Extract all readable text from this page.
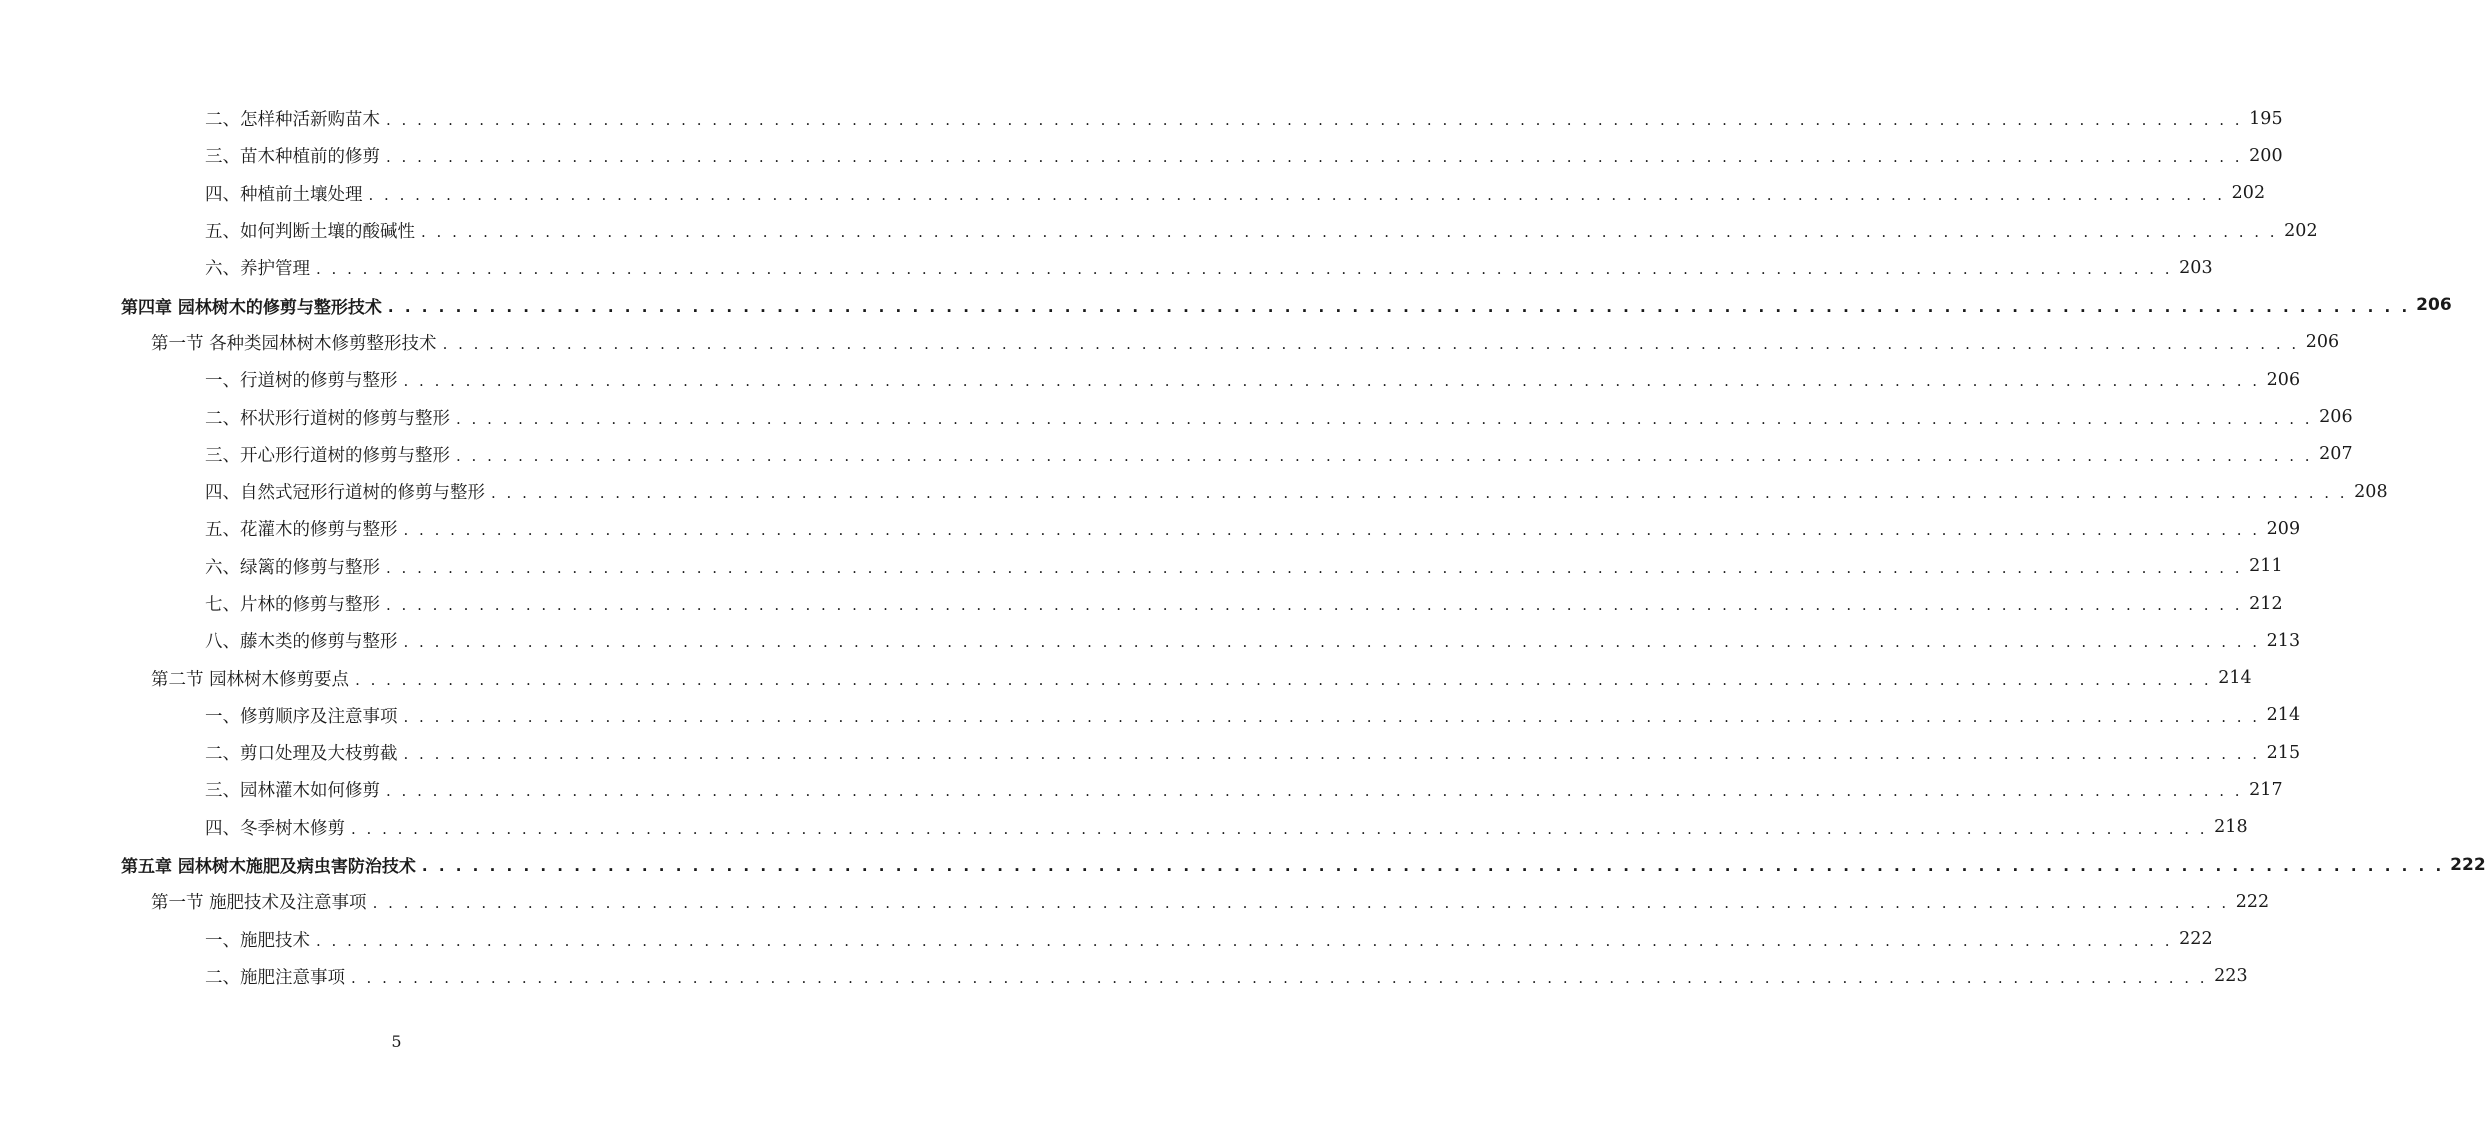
二、怎样种活新购苗木 . . . . . . . . . . . . . . . . . . . . . . . . . . . . . . . . . . . . . . . . . . . . . . . . . . . . . . . . . . . . . . . . . . . . . . . . . . . . . . . . . . . . . . . . . . . . . . . . . . . . . . . . . . . . . . . . . . . . . . . . 195
三、苗木种植前的修剪 . . . . . . . . . . . . . . . . . . . . . . . . . . . . . . . . . . . . . . . . . . . . . . . . . . . . . . . . . . . . . . . . . . . . . . . . . . . . . . . . . . . . . . . . . . . . . . . . . . . . . . . . . . . . . . . . . . . . . . . . 200
四、种植前土壤处理 . . . . . . . . . . . . . . . . . . . . . . . . . . . . . . . . . . . . . . . . . . . . . . . . . . . . . . . . . . . . . . . . . . . . . . . . . . . . . . . . . . . . . . . . . . . . . . . . . . . . . . . . . . . . . . . . . . . . . . . . 202
五、如何判断土壤的酸碱性 . . . . . . . . . . . . . . . . . . . . . . . . . . . . . . . . . . . . . . . . . . . . . . . . . . . . . . . . . . . . . . . . . . . . . . . . . . . . . . . . . . . . . . . . . . . . . . . . . . . . . . . . . . . . . . . . . . . . . . . . 202
六、养护管理 . . . . . . . . . . . . . . . . . . . . . . . . . . . . . . . . . . . . . . . . . . . . . . . . . . . . . . . . . . . . . . . . . . . . . . . . . . . . . . . . . . . . . . . . . . . . . . . . . . . . . . . . . . . . . . . . . . . . . . . . 203
第四章 园林树木的修剪与整形技术 . . . . . . . . . . . . . . . . . . . . . . . . . . . . . . . . . . . . . . . . . . . . . . . . . . . . . . . . . . . . . . . . . . . . . . . . . . . . . . . . . . . . . . . . . . . . . . . . . . . . . . . . . . . . . . . . . . . . . . . . 206
第一节 各种类园林树木修剪整形技术 . . . . . . . . . . . . . . . . . . . . . . . . . . . . . . . . . . . . . . . . . . . . . . . . . . . . . . . . . . . . . . . . . . . . . . . . . . . . . . . . . . . . . . . . . . . . . . . . . . . . . . . . . . . . . . . . . . . . . . . . 206
一、行道树的修剪与整形 . . . . . . . . . . . . . . . . . . . . . . . . . . . . . . . . . . . . . . . . . . . . . . . . . . . . . . . . . . . . . . . . . . . . . . . . . . . . . . . . . . . . . . . . . . . . . . . . . . . . . . . . . . . . . . . . . . . . . . . . 206
二、杯状形行道树的修剪与整形 . . . . . . . . . . . . . . . . . . . . . . . . . . . . . . . . . . . . . . . . . . . . . . . . . . . . . . . . . . . . . . . . . . . . . . . . . . . . . . . . . . . . . . . . . . . . . . . . . . . . . . . . . . . . . . . . . . . . . . . . 206
三、开心形行道树的修剪与整形 . . . . . . . . . . . . . . . . . . . . . . . . . . . . . . . . . . . . . . . . . . . . . . . . . . . . . . . . . . . . . . . . . . . . . . . . . . . . . . . . . . . . . . . . . . . . . . . . . . . . . . . . . . . . . . . . . . . . . . . . 207
四、自然式冠形行道树的修剪与整形 . . . . . . . . . . . . . . . . . . . . . . . . . . . . . . . . . . . . . . . . . . . . . . . . . . . . . . . . . . . . . . . . . . . . . . . . . . . . . . . . . . . . . . . . . . . . . . . . . . . . . . . . . . . . . . . . . . . . . . . . 208
五、花灌木的修剪与整形 . . . . . . . . . . . . . . . . . . . . . . . . . . . . . . . . . . . . . . . . . . . . . . . . . . . . . . . . . . . . . . . . . . . . . . . . . . . . . . . . . . . . . . . . . . . . . . . . . . . . . . . . . . . . . . . . . . . . . . . . 209
六、绿篱的修剪与整形 . . . . . . . . . . . . . . . . . . . . . . . . . . . . . . . . . . . . . . . . . . . . . . . . . . . . . . . . . . . . . . . . . . . . . . . . . . . . . . . . . . . . . . . . . . . . . . . . . . . . . . . . . . . . . . . . . . . . . . . . 211
七、片林的修剪与整形 . . . . . . . . . . . . . . . . . . . . . . . . . . . . . . . . . . . . . . . . . . . . . . . . . . . . . . . . . . . . . . . . . . . . . . . . . . . . . . . . . . . . . . . . . . . . . . . . . . . . . . . . . . . . . . . . . . . . . . . . 212
八、藤木类的修剪与整形 . . . . . . . . . . . . . . . . . . . . . . . . . . . . . . . . . . . . . . . . . . . . . . . . . . . . . . . . . . . . . . . . . . . . . . . . . . . . . . . . . . . . . . . . . . . . . . . . . . . . . . . . . . . . . . . . . . . . . . . . 213
第二节 园林树木修剪要点 . . . . . . . . . . . . . . . . . . . . . . . . . . . . . . . . . . . . . . . . . . . . . . . . . . . . . . . . . . . . . . . . . . . . . . . . . . . . . . . . . . . . . . . . . . . . . . . . . . . . . . . . . . . . . . . . . . . . . . . . 214
一、修剪顺序及注意事项 . . . . . . . . . . . . . . . . . . . . . . . . . . . . . . . . . . . . . . . . . . . . . . . . . . . . . . . . . . . . . . . . . . . . . . . . . . . . . . . . . . . . . . . . . . . . . . . . . . . . . . . . . . . . . . . . . . . . . . . . 214
二、剪口处理及大枝剪截 . . . . . . . . . . . . . . . . . . . . . . . . . . . . . . . . . . . . . . . . . . . . . . . . . . . . . . . . . . . . . . . . . . . . . . . . . . . . . . . . . . . . . . . . . . . . . . . . . . . . . . . . . . . . . . . . . . . . . . . . 215
三、园林灌木如何修剪 . . . . . . . . . . . . . . . . . . . . . . . . . . . . . . . . . . . . . . . . . . . . . . . . . . . . . . . . . . . . . . . . . . . . . . . . . . . . . . . . . . . . . . . . . . . . . . . . . . . . . . . . . . . . . . . . . . . . . . . . 217
四、冬季树木修剪 . . . . . . . . . . . . . . . . . . . . . . . . . . . . . . . . . . . . . . . . . . . . . . . . . . . . . . . . . . . . . . . . . . . . . . . . . . . . . . . . . . . . . . . . . . . . . . . . . . . . . . . . . . . . . . . . . . . . . . . . 218
第五章 园林树木施肥及病虫害防治技术 . . . . . . . . . . . . . . . . . . . . . . . . . . . . . . . . . . . . . . . . . . . . . . . . . . . . . . . . . . . . . . . . . . . . . . . . . . . . . . . . . . . . . . . . . . . . . . . . . . . . . . . . . . . . . . . . . . . . . . . . 222
第一节 施肥技术及注意事项 . . . . . . . . . . . . . . . . . . . . . . . . . . . . . . . . . . . . . . . . . . . . . . . . . . . . . . . . . . . . . . . . . . . . . . . . . . . . . . . . . . . . . . . . . . . . . . . . . . . . . . . . . . . . . . . . . . . . . . . . 222
一、施肥技术 . . . . . . . . . . . . . . . . . . . . . . . . . . . . . . . . . . . . . . . . . . . . . . . . . . . . . . . . . . . . . . . . . . . . . . . . . . . . . . . . . . . . . . . . . . . . . . . . . . . . . . . . . . . . . . . . . . . . . . . . 222
二、施肥注意事项 . . . . . . . . . . . . . . . . . . . . . . . . . . . . . . . . . . . . . . . . . . . . . . . . . . . . . . . . . . . . . . . . . . . . . . . . . . . . . . . . . . . . . . . . . . . . . . . . . . . . . . . . . . . . . . . . . . . . . . . . 223
5
